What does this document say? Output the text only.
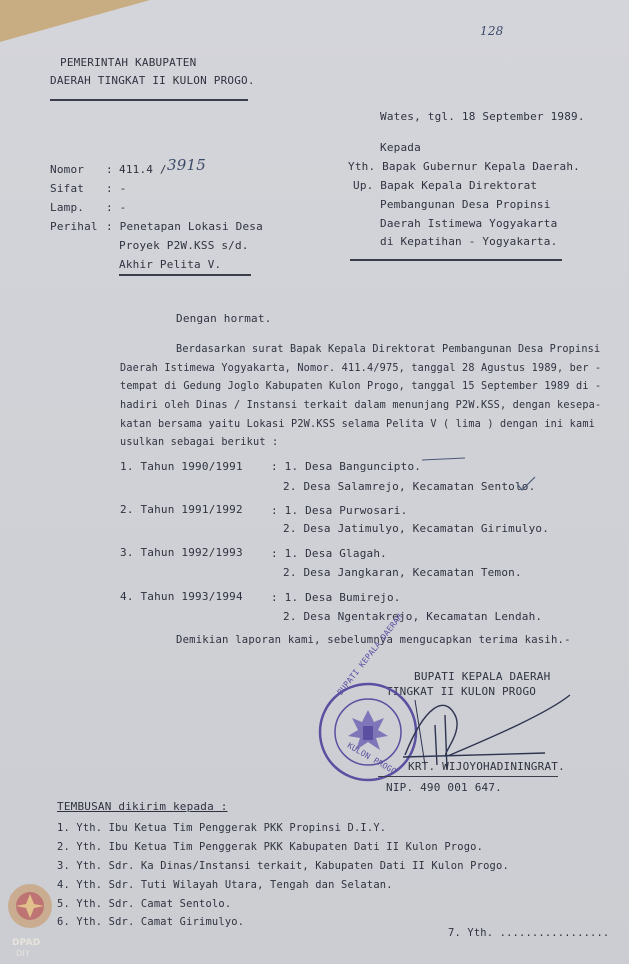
128
PEMERINTAH KABUPATEN
DAERAH TINGKAT II KULON PROGO.
Wates, tgl. 18 September 1989.
Kepada
Yth. Bapak Gubernur Kepala Daerah.
Up. Bapak Kepala Direktorat
Pembangunan Desa Propinsi
Daerah Istimewa Yogyakarta
di Kepatihan - Yogyakarta.
Nomor : 411.4 / 3915
Sifat : -
Lamp. : -
Perihal : Penetapan Lokasi Desa
Proyek P2W.KSS s/d.
Akhir Pelita V.
Dengan hormat.
Berdasarkan surat Bapak Kepala Direktorat Pembangunan Desa Propinsi
Daerah Istimewa Yogyakarta, Nomor. 411.4/975, tanggal 28 Agustus 1989, ber -
tempat di Gedung Joglo Kabupaten Kulon Progo, tanggal 15 September 1989 di -
hadiri oleh Dinas / Instansi terkait dalam menunjang P2W.KSS, dengan kesepa-
katan bersama yaitu Lokasi P2W.KSS selama Pelita V ( lima ) dengan ini kami
usulkan sebagai berikut :
1. Tahun 1990/1991	: 1. Desa Banguncipto.
2. Desa Salamrejo, Kecamatan Sentolo.
2. Tahun 1991/1992	: 1. Desa Purwosari.
2. Desa Jatimulyo, Kecamatan Girimulyo.
3. Tahun 1992/1993	: 1. Desa Glagah.
2. Desa Jangkaran, Kecamatan Temon.
4. Tahun 1993/1994	: 1. Desa Bumirejo.
2. Desa Ngentakrejo, Kecamatan Lendah.
Demikian laporan kami, sebelumnya mengucapkan terima kasih.-
BUPATI KEPALA DAERAH
TINGKAT II KULON PROGO
BUPATI KEPALA DAERAH
KULON PROGO KRT. WIJOYOHADININGRAT.
NIP. 490 001 647.
TEMBUSAN dikirim kepada :
1. Yth. Ibu Ketua Tim Penggerak PKK Propinsi D.I.Y.
2. Yth. Ibu Ketua Tim Penggerak PKK Kabupaten Dati II Kulon Progo.
3. Yth. Sdr. Ka Dinas/Instansi terkait, Kabupaten Dati II Kulon Progo.
4. Yth. Sdr. Tuti Wilayah Utara, Tengah dan Selatan.
5. Yth. Sdr. Camat Sentolo.
6. Yth. Sdr. Camat Girimulyo.
7. Yth. .................
DPAD
DIY
